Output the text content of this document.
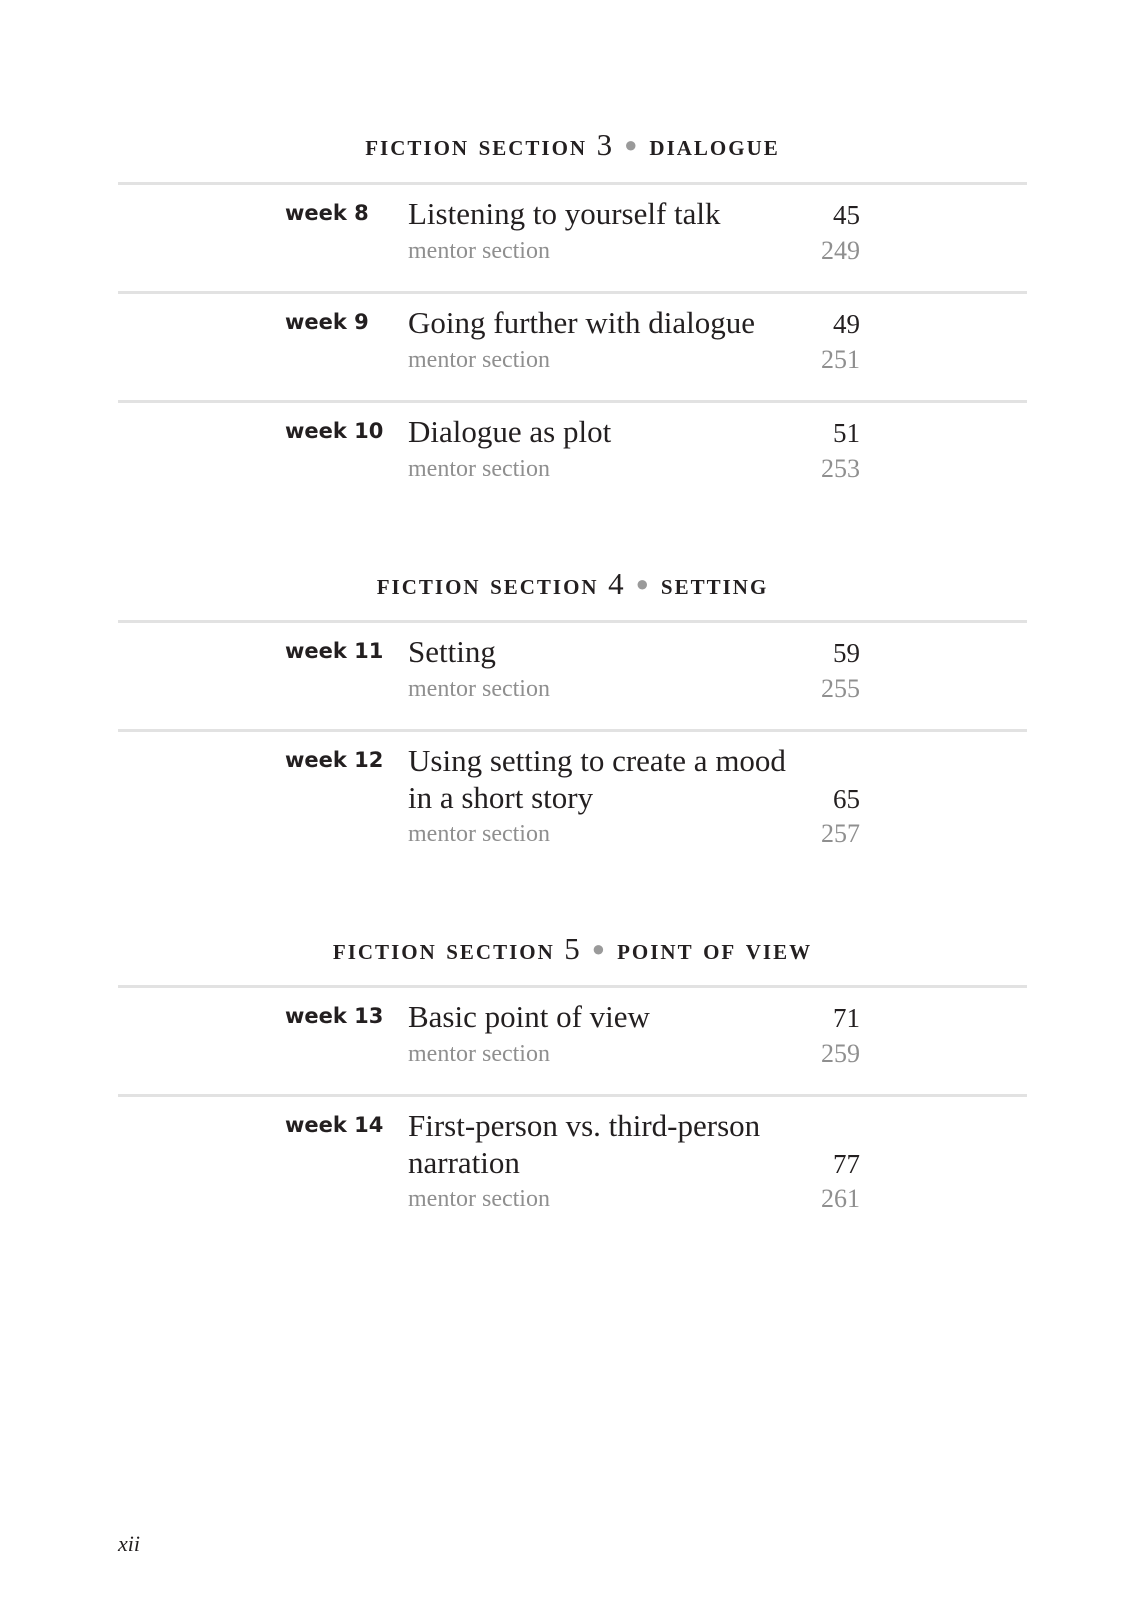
fiction section 3 ● dialogue
week 8 Listening to yourself talk	45
mentor section	249
week 9 Going further with dialogue	49
mentor section	251
week 10 Dialogue as plot	51
mentor section	253
fiction section 4 ● setting
week 11 Setting	59
mentor section	255
week 12 Using setting to create a mood
in a short story	65
mentor section	257
fiction section 5 ● point of view
week 13 Basic point of view	71
mentor section	259
week 14 First-person vs. third-person
narration	77
mentor section	261
xii
